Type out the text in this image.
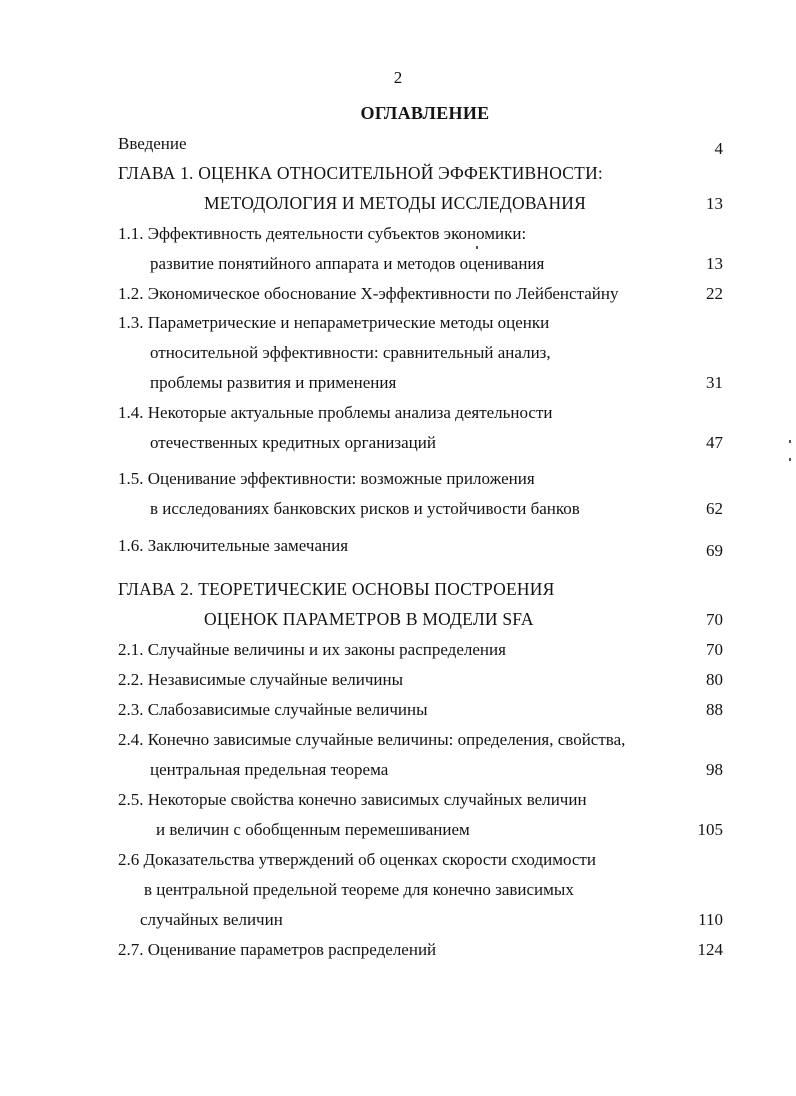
2
ОГЛАВЛЕНИЕ
Введение	4
ГЛАВА 1. ОЦЕНКА ОТНОСИТЕЛЬНОЙ ЭФФЕКТИВНОСТИ:
МЕТОДОЛОГИЯ И МЕТОДЫ ИССЛЕДОВАНИЯ	13
1.1. Эффективность деятельности субъектов экономики:
развитие понятийного аппарата и методов оценивания	13
1.2. Экономическое обоснование Х-эффективности по Лейбенстайну	22
1.3. Параметрические и непараметрические методы оценки
относительной эффективности: сравнительный анализ,
проблемы развития и применения	31
1.4. Некоторые актуальные проблемы анализа деятельности
отечественных кредитных организаций	47
1.5. Оценивание эффективности: возможные приложения
в исследованиях банковских рисков и устойчивости банков	62
1.6. Заключительные замечания	69
ГЛАВА 2. ТЕОРЕТИЧЕСКИЕ ОСНОВЫ ПОСТРОЕНИЯ
ОЦЕНОК ПАРАМЕТРОВ В МОДЕЛИ SFA	70
2.1. Случайные величины и их законы распределения	70
2.2. Независимые случайные величины	80
2.3. Слабозависимые случайные величины	88
2.4. Конечно зависимые случайные величины: определения, свойства,
центральная предельная теорема	98
2.5. Некоторые свойства конечно зависимых случайных величин
и величин с обобщенным перемешиванием	105
2.6 Доказательства утверждений об оценках скорости сходимости
в центральной предельной теореме для конечно зависимых
случайных величин	110
2.7. Оценивание параметров распределений	124
